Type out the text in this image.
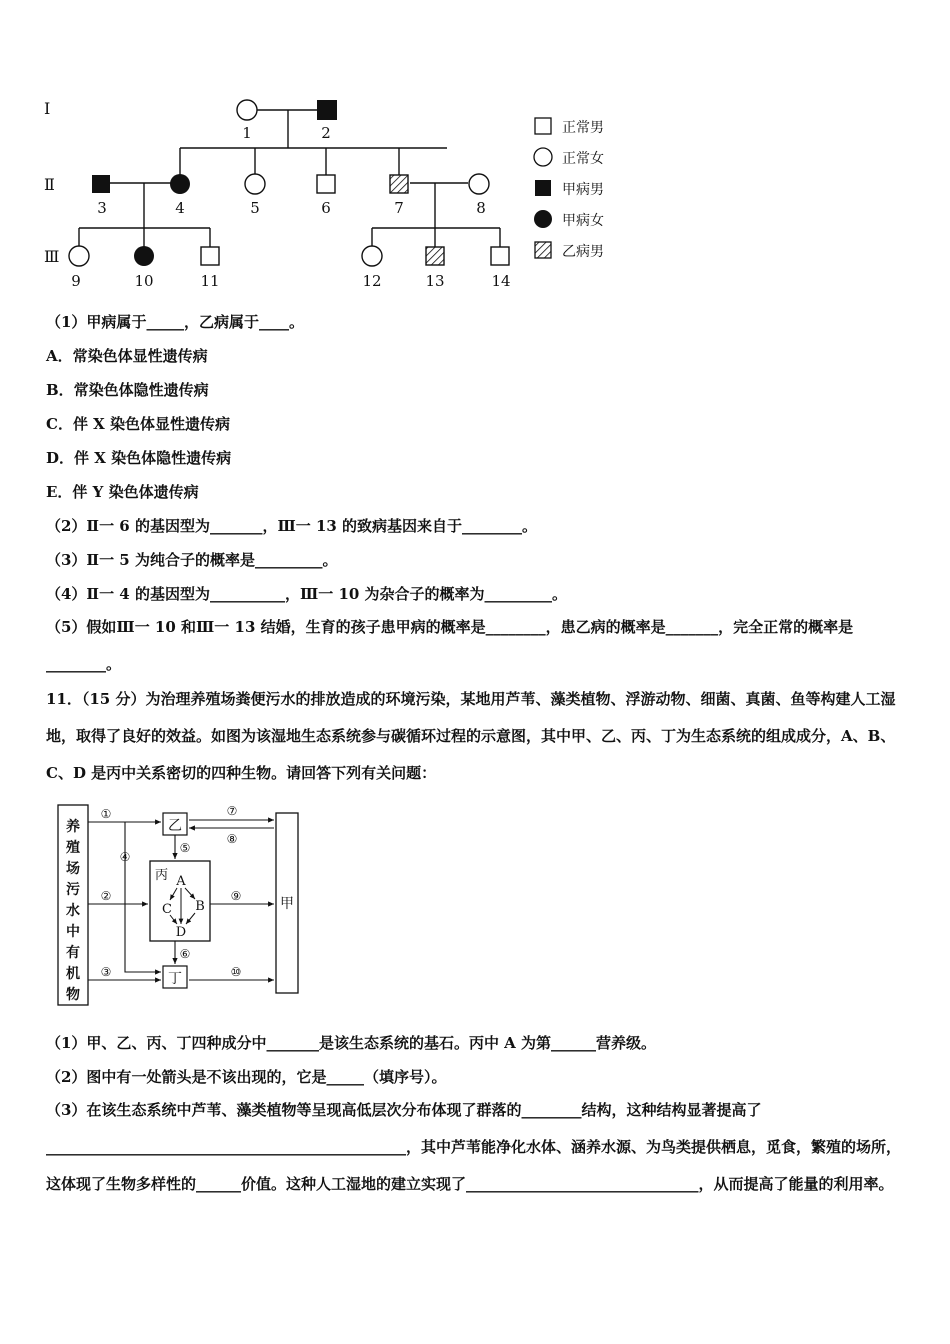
Ⅰ
Ⅱ
Ⅲ
1	2
3	4	5	6	7	8
9	10	11	12	13	14
正常男
正常女
甲病男
甲病女
乙病男
（1）甲病属于_____，乙病属于____。
A．常染色体显性遗传病
B．常染色体隐性遗传病
C．伴 X 染色体显性遗传病
D．伴 X 染色体隐性遗传病
E．伴 Y 染色体遗传病
（2）Ⅱ一 6 的基因型为_______，Ⅲ一 13 的致病基因来自于________。
（3）Ⅱ一 5 为纯合子的概率是_________。
（4）Ⅱ一 4 的基因型为__________，Ⅲ一 10 为杂合子的概率为_________。
（5）假如Ⅲ一 10 和Ⅲ一 13 结婚，生育的孩子患甲病的概率是________，患乙病的概率是_______，完全正常的概率是________。
11．（15 分）为治理养殖场粪便污水的排放造成的环境污染，某地用芦苇、藻类植物、浮游动物、细菌、真菌、鱼等构建人工湿地，取得了良好的效益。如图为该湿地生态系统参与碳循环过程的示意图，其中甲、乙、丙、丁为生态系统的组成成分，A、B、C、D 是丙中关系密切的四种生物。请回答下列有关问题：
养
殖
场
污
水
中
有
机
物
乙
丙 A
B
C
D
丁
甲
①
②
③
④
⑤
⑥
⑦
⑧
⑨
⑩
（1）甲、乙、丙、丁四种成分中_______是该生态系统的基石。丙中 A 为第______营养级。
（2）图中有一处箭头是不该出现的，它是_____（填序号）。
（3）在该生态系统中芦苇、藻类植物等呈现高低层次分布体现了群落的________结构，这种结构显著提高了________________________________________________，其中芦苇能净化水体、涵养水源、为鸟类提供栖息，觅食，繁殖的场所，这体现了生物多样性的______价值。这种人工湿地的建立实现了_______________________________，从而提高了能量的利用率。
